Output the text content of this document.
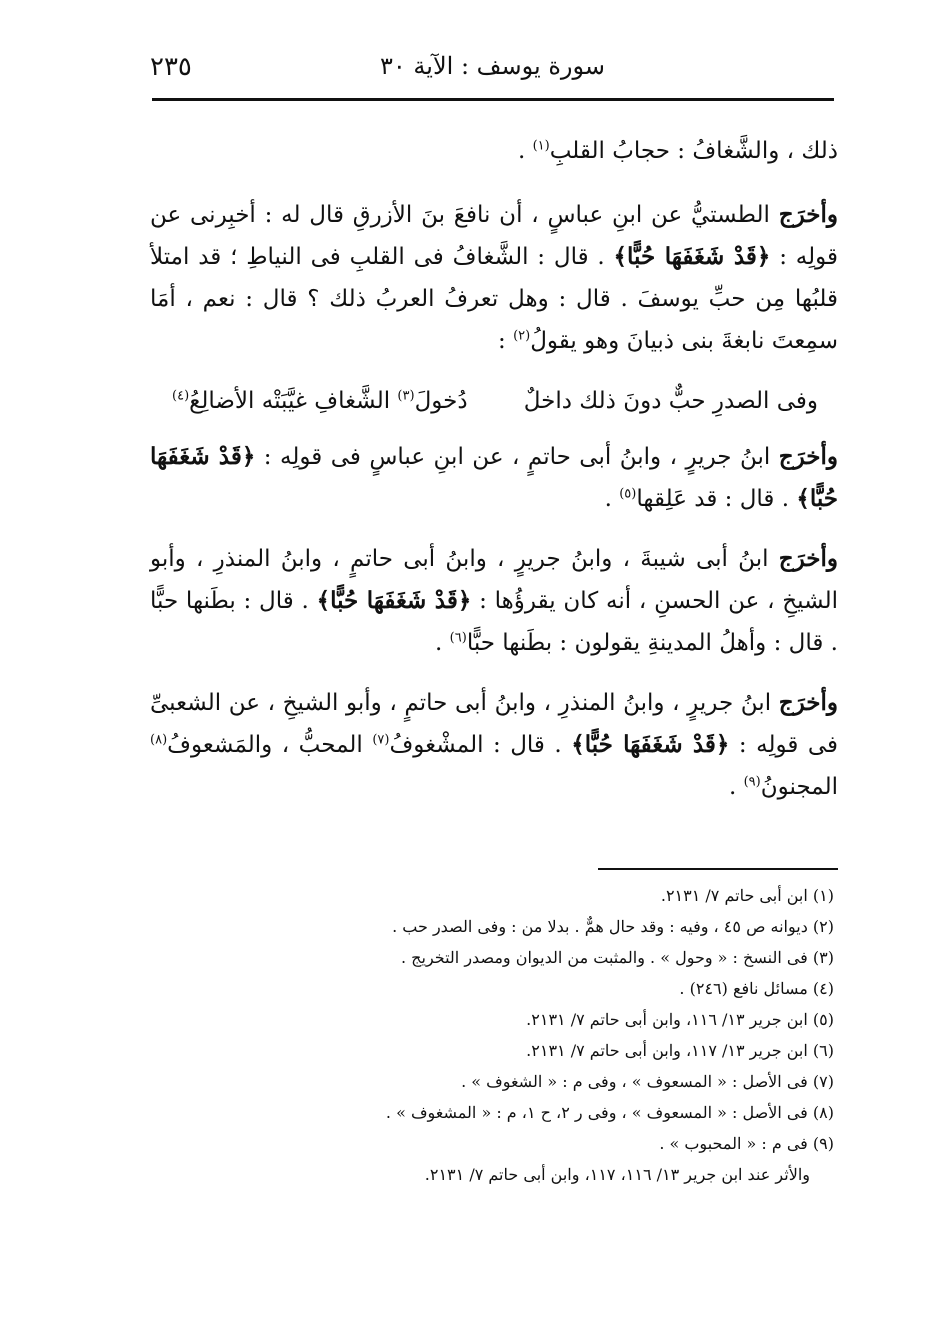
سورة يوسف : الآية ٣٠
٢٣٥

ذلك ، والشَّغافُ : حجابُ القلبِ$^{(١)}$ .

وأخرَج الطستيُّ عن ابنِ عباسٍ ، أن نافعَ بنَ الأزرقِ قال له : أخبِرنى عن قولِه : ﴿قَدْ شَغَفَهَا حُبًّا﴾ . قال : الشَّغافُ فى القلبِ فى النياطِ ؛ قد امتلأ قلبُها مِن حبِّ يوسفَ . قال : وهل تعرفُ العربُ ذلك ؟ قال : نعم ، أمَا سمِعتَ نابغةَ بنى ذبيانَ وهو يقولُ$^{(٢)}$ :

وفى الصدرِ حبٌّ دونَ ذلك داخلٌ
دُخولَ$^{(٣)}$ الشَّغافِ غيَّبَتْه الأضالِعُ$^{(٤)}$

وأخرَج ابنُ جريرٍ ، وابنُ أبى حاتمٍ ، عن ابنِ عباسٍ فى قولِه : ﴿قَدْ شَغَفَهَا حُبًّا﴾ . قال : قد عَلِقها$^{(٥)}$ .

وأخرَج ابنُ أبى شيبةَ ، وابنُ جريرٍ ، وابنُ أبى حاتمٍ ، وابنُ المنذرِ ، وأبو الشيخِ ، عن الحسنِ ، أنه كان يقرؤُها : ﴿قَدْ شَغَفَهَا حُبًّا﴾ . قال : بطَنها حبًّا . قال : وأهلُ المدينةِ يقولون : بطَنها حبًّا$^{(٦)}$ .

وأخرَج ابنُ جريرٍ ، وابنُ المنذرِ ، وابنُ أبى حاتمٍ ، وأبو الشيخِ ، عن الشعبىِّ فى قولِه : ﴿قَدْ شَغَفَهَا حُبًّا﴾ . قال : المشْغوفُ$^{(٧)}$ المحبُّ ، والمَشعوفُ$^{(٨)}$ المجنونُ$^{(٩)}$ .

(١) ابن أبى حاتم ٧/ ٢١٣١.

(٢) ديوانه ص ٤٥ ، وفيه : وقد حال همٌّ . بدلا من : وفى الصدر حب .

(٣) فى النسخ : « وحول » . والمثبت من الديوان ومصدر التخريج .

(٤) مسائل نافع (٢٤٦) .

(٥) ابن جرير ١٣/ ١١٦، وابن أبى حاتم ٧/ ٢١٣١.

(٦) ابن جرير ١٣/ ١١٧، وابن أبى حاتم ٧/ ٢١٣١.

(٧) فى الأصل : « المسعوف » ، وفى م : « الشغوف » .

(٨) فى الأصل : « المسعوف » ، وفى ر ٢، ح ١، م : « المشغوف » .

(٩) فى م : « المحبوب » .

والأثر عند ابن جرير ١٣/ ١١٦، ١١٧، وابن أبى حاتم ٧/ ٢١٣١.
